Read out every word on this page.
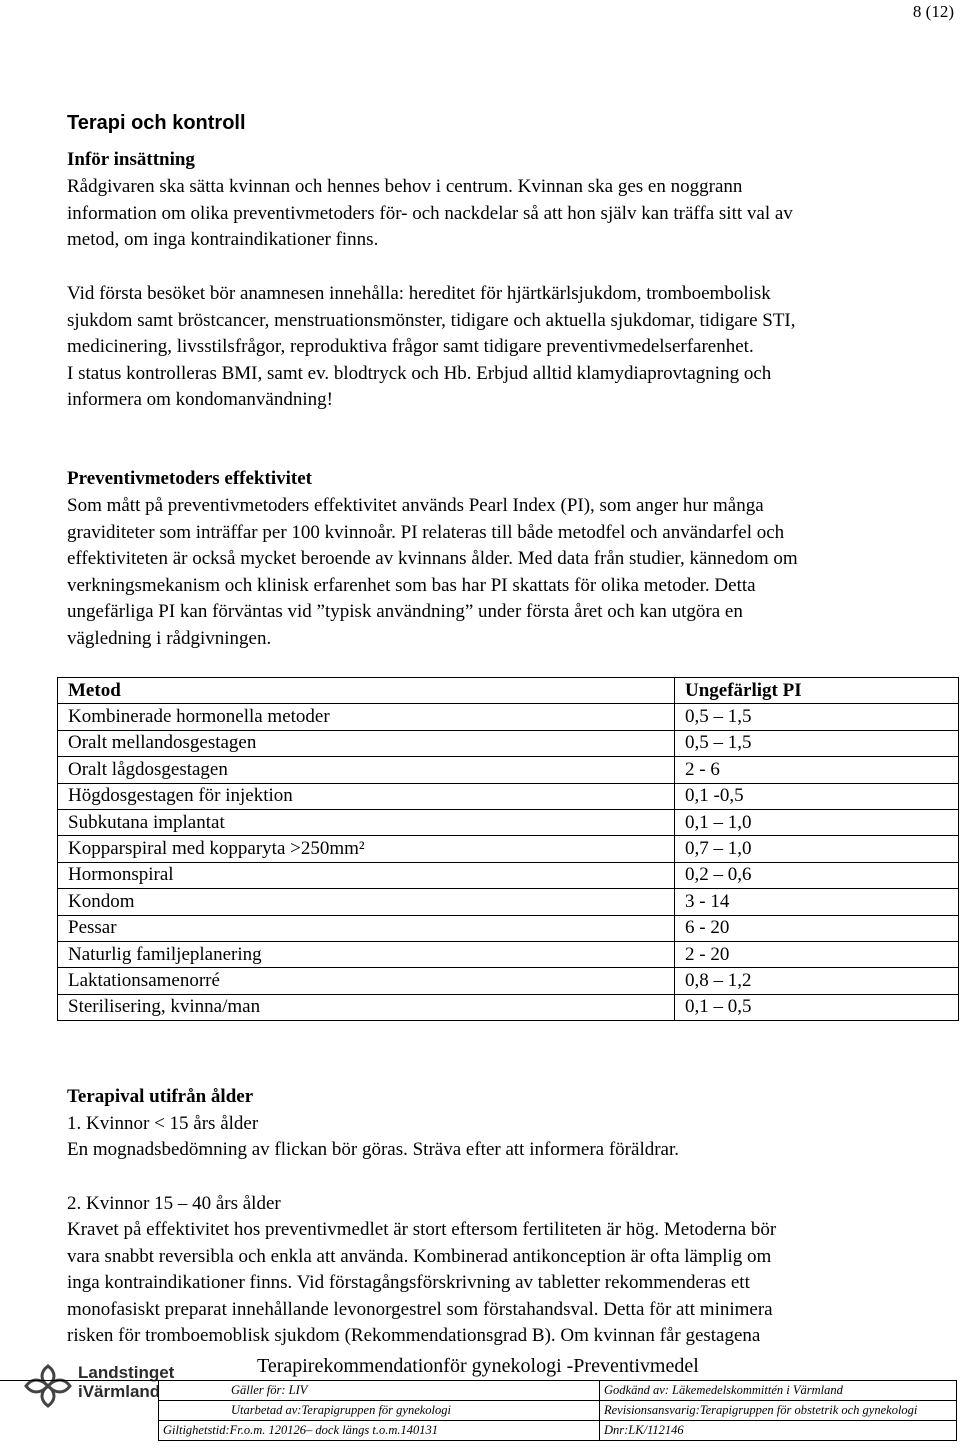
8 (12)
Terapi och kontroll
Inför insättning
Rådgivaren ska sätta kvinnan och hennes behov i centrum. Kvinnan ska ges en noggrann
information om olika preventivmetoders för- och nackdelar så att hon själv kan träffa sitt val av
metod, om inga kontraindikationer finns.
Vid första besöket bör anamnesen innehålla: hereditet för hjärtkärlsjukdom, tromboembolisk
sjukdom samt bröstcancer, menstruationsmönster, tidigare och aktuella sjukdomar, tidigare STI,
medicinering, livsstilsfrågor, reproduktiva frågor samt tidigare preventivmedelserfarenhet.
I status kontrolleras BMI, samt ev. blodtryck och Hb. Erbjud alltid klamydiaprovtagning och
informera om kondomanvändning!
Preventivmetoders effektivitet
Som mått på preventivmetoders effektivitet används Pearl Index (PI), som anger hur många
graviditeter som inträffar per 100 kvinnoår. PI relateras till både metodfel och användarfel och
effektiviteten är också mycket beroende av kvinnans ålder. Med data från studier, kännedom om
verkningsmekanism och klinisk erfarenhet som bas har PI skattats för olika metoder. Detta
ungefärliga PI kan förväntas vid ”typisk användning” under första året och kan utgöra en
vägledning i rådgivningen.
Metod	Ungefärligt PI
Kombinerade hormonella metoder	0,5 – 1,5
Oralt mellandosgestagen	0,5 – 1,5
Oralt lågdosgestagen	2 - 6
Högdosgestagen för injektion	0,1 -0,5
Subkutana implantat	0,1 – 1,0
Kopparspiral med kopparyta >250mm²	0,7 – 1,0
Hormonspiral	0,2 – 0,6
Kondom	3 - 14
Pessar	6 - 20
Naturlig familjeplanering	2 - 20
Laktationsamenorré	0,8 – 1,2
Sterilisering, kvinna/man	0,1 – 0,5
Terapival utifrån ålder
1. Kvinnor < 15 års ålder
En mognadsbedömning av flickan bör göras. Sträva efter att informera föräldrar.
2. Kvinnor 15 – 40 års ålder
Kravet på effektivitet hos preventivmedlet är stort eftersom fertiliteten är hög. Metoderna bör
vara snabbt reversibla och enkla att använda. Kombinerad antikonception är ofta lämplig om
inga kontraindikationer finns. Vid förstagångsförskrivning av tabletter rekommenderas ett
monofasiskt preparat innehållande levonorgestrel som förstahandsval. Detta för att minimera
risken för tromboemoblisk sjukdom (Rekommendationsgrad B). Om kvinnan får gestagena
Landstinget
iVärmland
Terapirekommendationför gynekologi -Preventivmedel
Gäller för: LIV	Godkänd av: Läkemedelskommittén i Värmland
Utarbetad av:Terapigruppen för gynekologi	Revisionsansvarig:Terapigruppen för obstetrik och gynekologi
Giltighetstid:Fr.o.m. 120126– dock längs t.o.m.140131	Dnr:LK/112146
